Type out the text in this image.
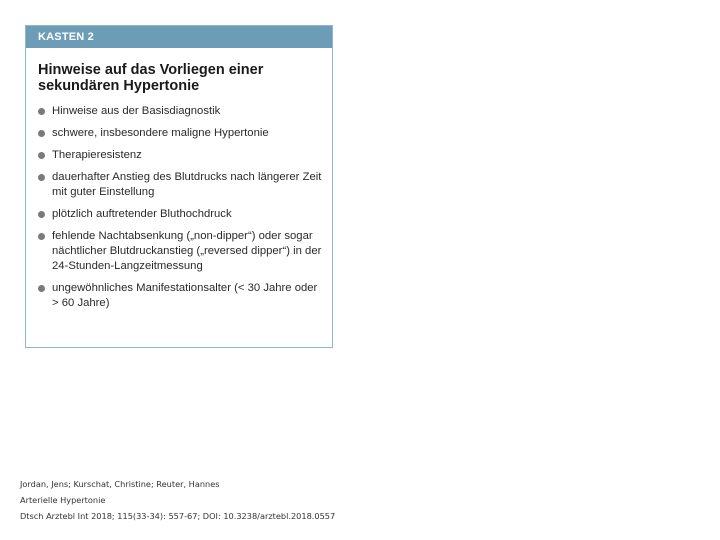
KASTEN 2
Hinweise auf das Vorliegen einer
sekundären Hypertonie
Hinweise aus der Basisdiagnostik
schwere, insbesondere maligne Hypertonie
Therapieresistenz
dauerhafter Anstieg des Blutdrucks nach längerer Zeit mit guter Einstellung
plötzlich auftretender Bluthochdruck
fehlende Nachtabsenkung („non-dipper“) oder sogar nächtlicher Blutdruckanstieg („reversed dipper“) in der 24-Stunden-Langzeitmessung
ungewöhnliches Manifestationsalter (< 30 Jahre oder > 60 Jahre)
Jordan, Jens; Kurschat, Christine; Reuter, Hannes
Arterielle Hypertonie
Dtsch Arztebl Int 2018; 115(33-34): 557-67; DOI: 10.3238/arztebl.2018.0557
